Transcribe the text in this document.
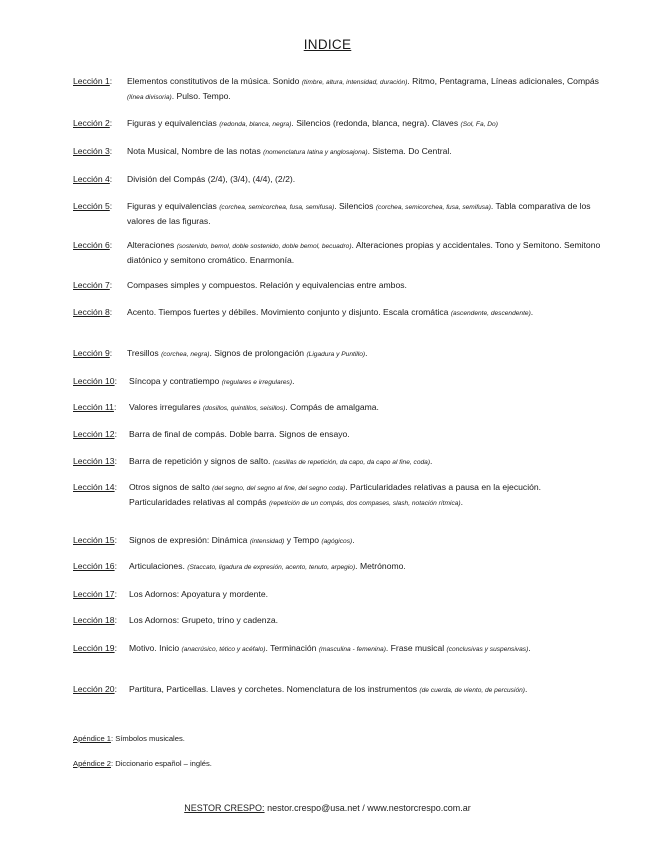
INDICE
Lección 1:	Elementos constitutivos de la música. Sonido (timbre, altura, intensidad, duración). Ritmo, Pentagrama, Líneas adicionales, Compás (línea divisoria). Pulso. Tempo.
Lección 2:	Figuras y equivalencias (redonda, blanca, negra). Silencios (redonda, blanca, negra). Claves (Sol, Fa, Do)
Lección 3:	Nota Musical, Nombre de las notas (nomenclatura latina y anglosajona). Sistema. Do Central.
Lección 4:	División del Compás (2/4), (3/4), (4/4), (2/2).
Lección 5:	Figuras y equivalencias (corchea, semicorchea, fusa, semifusa). Silencios (corchea, semicorchea, fusa, semifusa). Tabla comparativa de los valores de las figuras.
Lección 6:	Alteraciones (sostenido, bemol, doble sostenido, doble bemol, becuadro). Alteraciones propias y accidentales. Tono y Semitono. Semitono diatónico y semitono cromático. Enarmonía.
Lección 7:	Compases simples y compuestos. Relación y equivalencias entre ambos.
Lección 8:	Acento. Tiempos fuertes y débiles. Movimiento conjunto y disjunto. Escala cromática (ascendente, descendente).
Lección 9:	Tresillos (corchea, negra). Signos de prolongación (Ligadura y Puntillo).
Lección 10:	Síncopa y contratiempo (regulares e irregulares).
Lección 11:	Valores irregulares (dosillos, quintillos, seisillos). Compás de amalgama.
Lección 12:	Barra de final de compás. Doble barra. Signos de ensayo.
Lección 13:	Barra de repetición y signos de salto. (casillas de repetición, da capo, da capo al fine, coda).
Lección 14:	Otros signos de salto (del segno, del segno al fine, del segno coda). Particularidades relativas a pausa en la ejecución. Particularidades relativas al compás (repetición de un compás, dos compases, slash, notación rítmica).
Lección 15:	Signos de expresión: Dinámica (intensidad) y Tempo (agógicos).
Lección 16:	Articulaciones. (Staccato, ligadura de expresión, acento, tenuto, arpegio). Metrónomo.
Lección 17:	Los Adornos: Apoyatura y mordente.
Lección 18:	Los Adornos: Grupeto, trino y cadenza.
Lección 19:	Motivo. Inicio (anacrúsico, tético y acéfalo). Terminación (masculina - femenina). Frase musical (conclusivas y suspensivas).
Lección 20:	Partitura, Particellas. Llaves y corchetes. Nomenclatura de los instrumentos (de cuerda, de viento, de percusión).
Apéndice 1: Símbolos musicales.
Apéndice 2: Diccionario español – inglés.
NESTOR CRESPO: nestor.crespo@usa.net / www.nestorcrespo.com.ar
